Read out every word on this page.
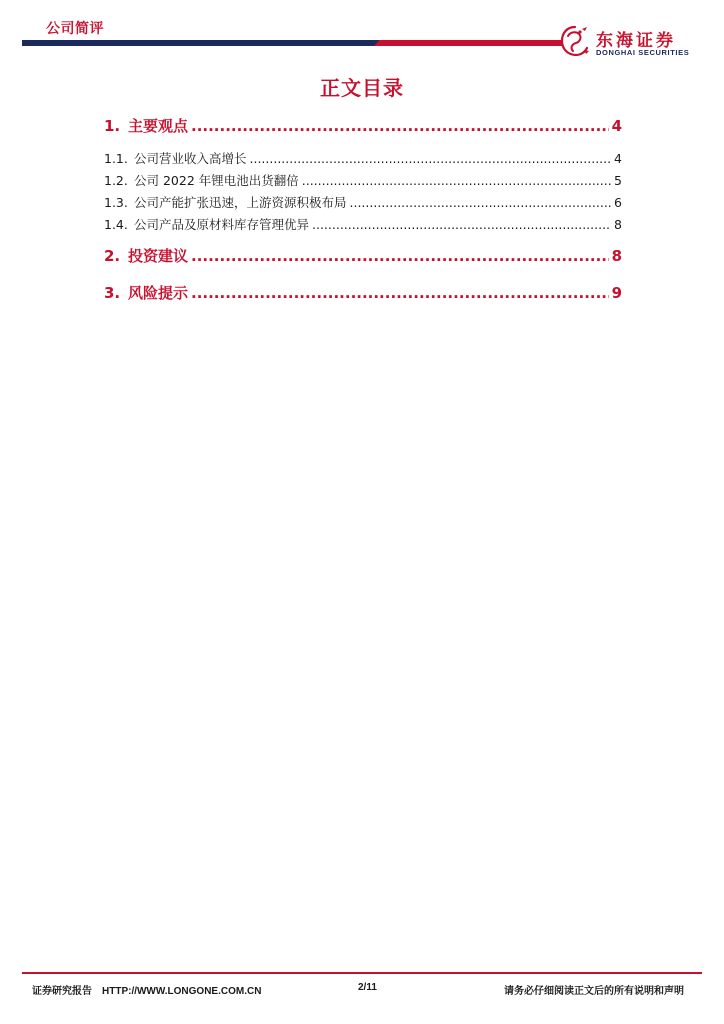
公司简评
东海证券
DONGHAI SECURITIES
正文目录
1. 主要观点 .....	4
1.1. 公司营业收入高增长 .....	4
1.2. 公司 2022 年锂电池出货翻倍 .....	5
1.3. 公司产能扩张迅速，上游资源积极布局 .....	6
1.4. 公司产品及原材料库存管理优异 .....	8
2. 投资建议 .....	8
3. 风险提示 .....	9
证券研究报告 HTTP://WWW.LONGONE.COM.CN	2/11	请务必仔细阅读正文后的所有说明和声明
